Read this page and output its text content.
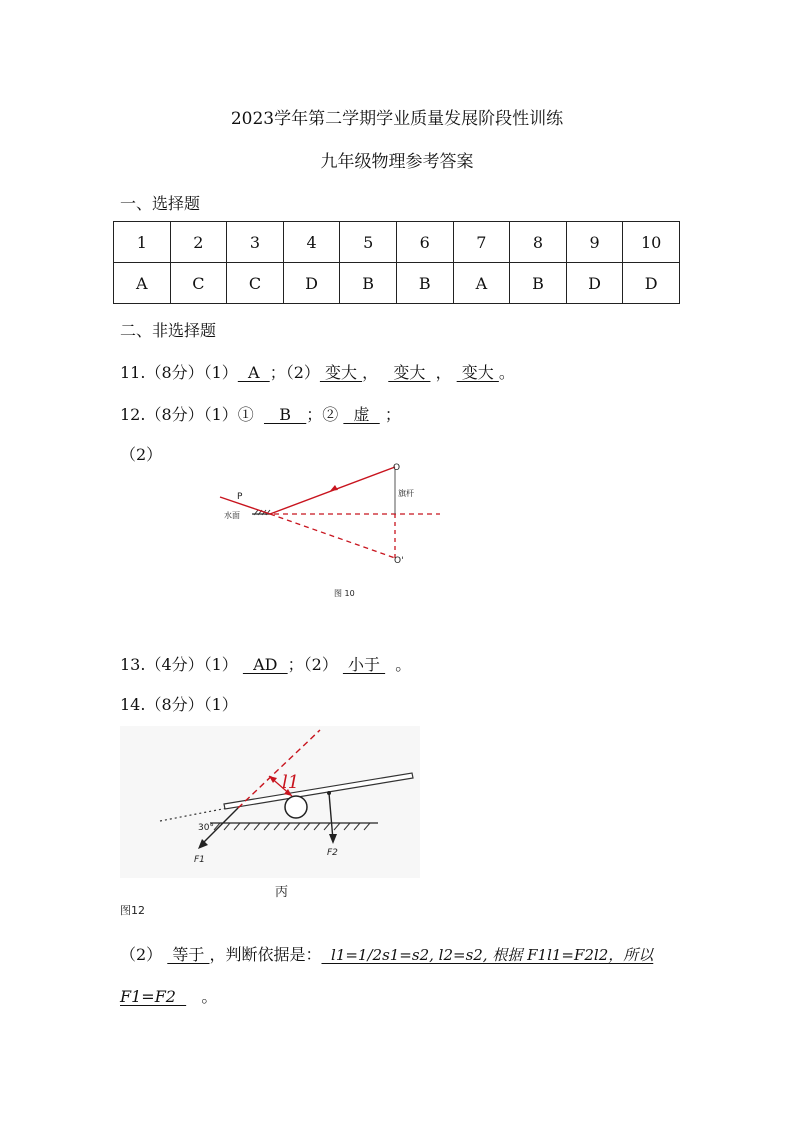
2023学年第二学期学业质量发展阶段性训练
九年级物理参考答案
一、选择题
1	2	3	4	5	6	7	8	9	10
A	C	C	D	B	B	A	B	D	D
二、非选择题
11.（8分）（1）  A  ；（2） 变大 ，   变大  ，  变大 。
12.（8分）（1）①     B   ；②   虚   ；
（2）
O
O'
旗杆
水面
P
图 10
13.（4分）（1）   AD  ；（2）  小于   。
14.（8分）（1）
l1
F1
30°
F2
丙
图12
（2）  等于 ，判断依据是：  l1=1/2s1=s2, l2=s2, 根据 F1l1=F2l2，所以
F1=F2     。
